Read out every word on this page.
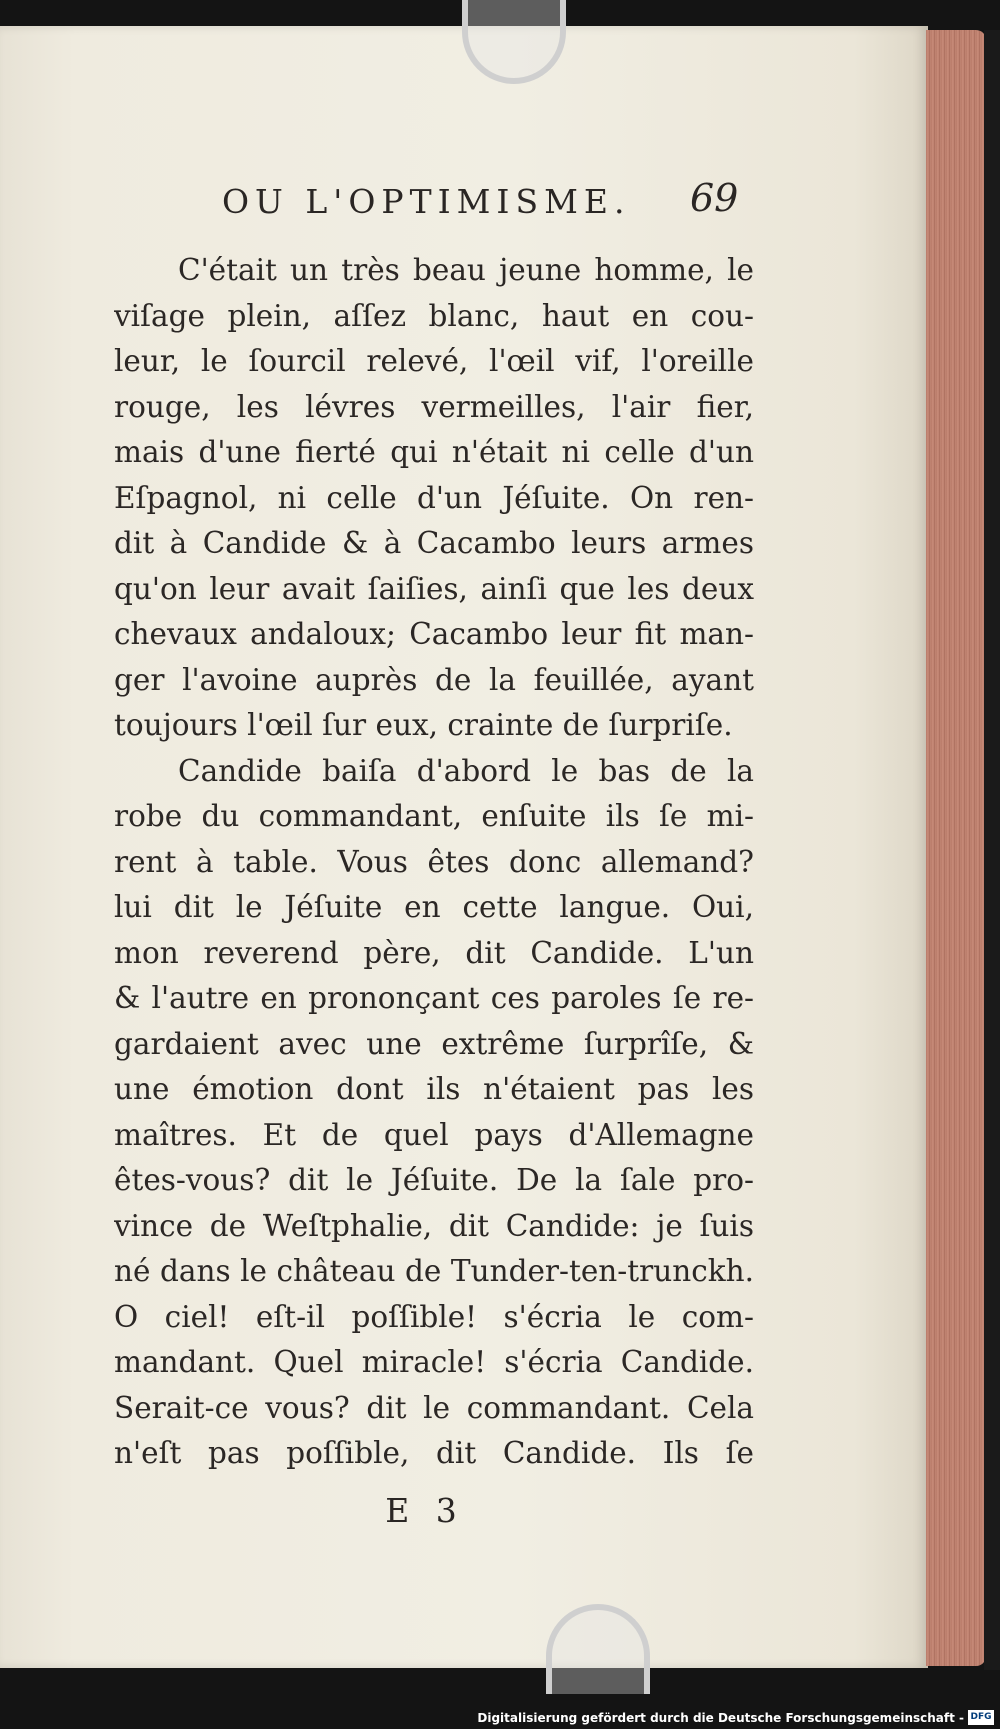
OU L'OPTIMISME. 69
C'était un très beau jeune homme, le
viſage plein, aſſez blanc, haut en cou-
leur, le ſourcil relevé, l'œil vif, l'oreille
rouge, les lévres vermeilles, l'air fier,
mais d'une fierté qui n'était ni celle d'un
Eſpagnol, ni celle d'un Jéſuite. On ren-
dit à Candide & à Cacambo leurs armes
qu'on leur avait ſaiſies, ainſi que les deux
chevaux andaloux; Cacambo leur fit man-
ger l'avoine auprès de la feuillée, ayant
toujours l'œil ſur eux, crainte de ſurpriſe.
Candide baiſa d'abord le bas de la
robe du commandant, enſuite ils ſe mi-
rent à table. Vous êtes donc allemand?
lui dit le Jéſuite en cette langue. Oui,
mon reverend père, dit Candide. L'un
& l'autre en prononçant ces paroles ſe re-
gardaient avec une extrême ſurprîſe, &
une émotion dont ils n'étaient pas les
maîtres. Et de quel pays d'Allemagne
êtes-vous? dit le Jéſuite. De la ſale pro-
vince de Weſtphalie, dit Candide: je ſuis
né dans le château de Tunder-ten-trunckh.
O ciel! eſt-il poſſible! s'écria le com-
mandant. Quel miracle! s'écria Candide.
Serait-ce vous? dit le commandant. Cela
n'eſt pas poſſible, dit Candide. Ils ſe
E 3
Digitalisierung gefördert durch die Deutsche Forschungsgemeinschaft - DFG
